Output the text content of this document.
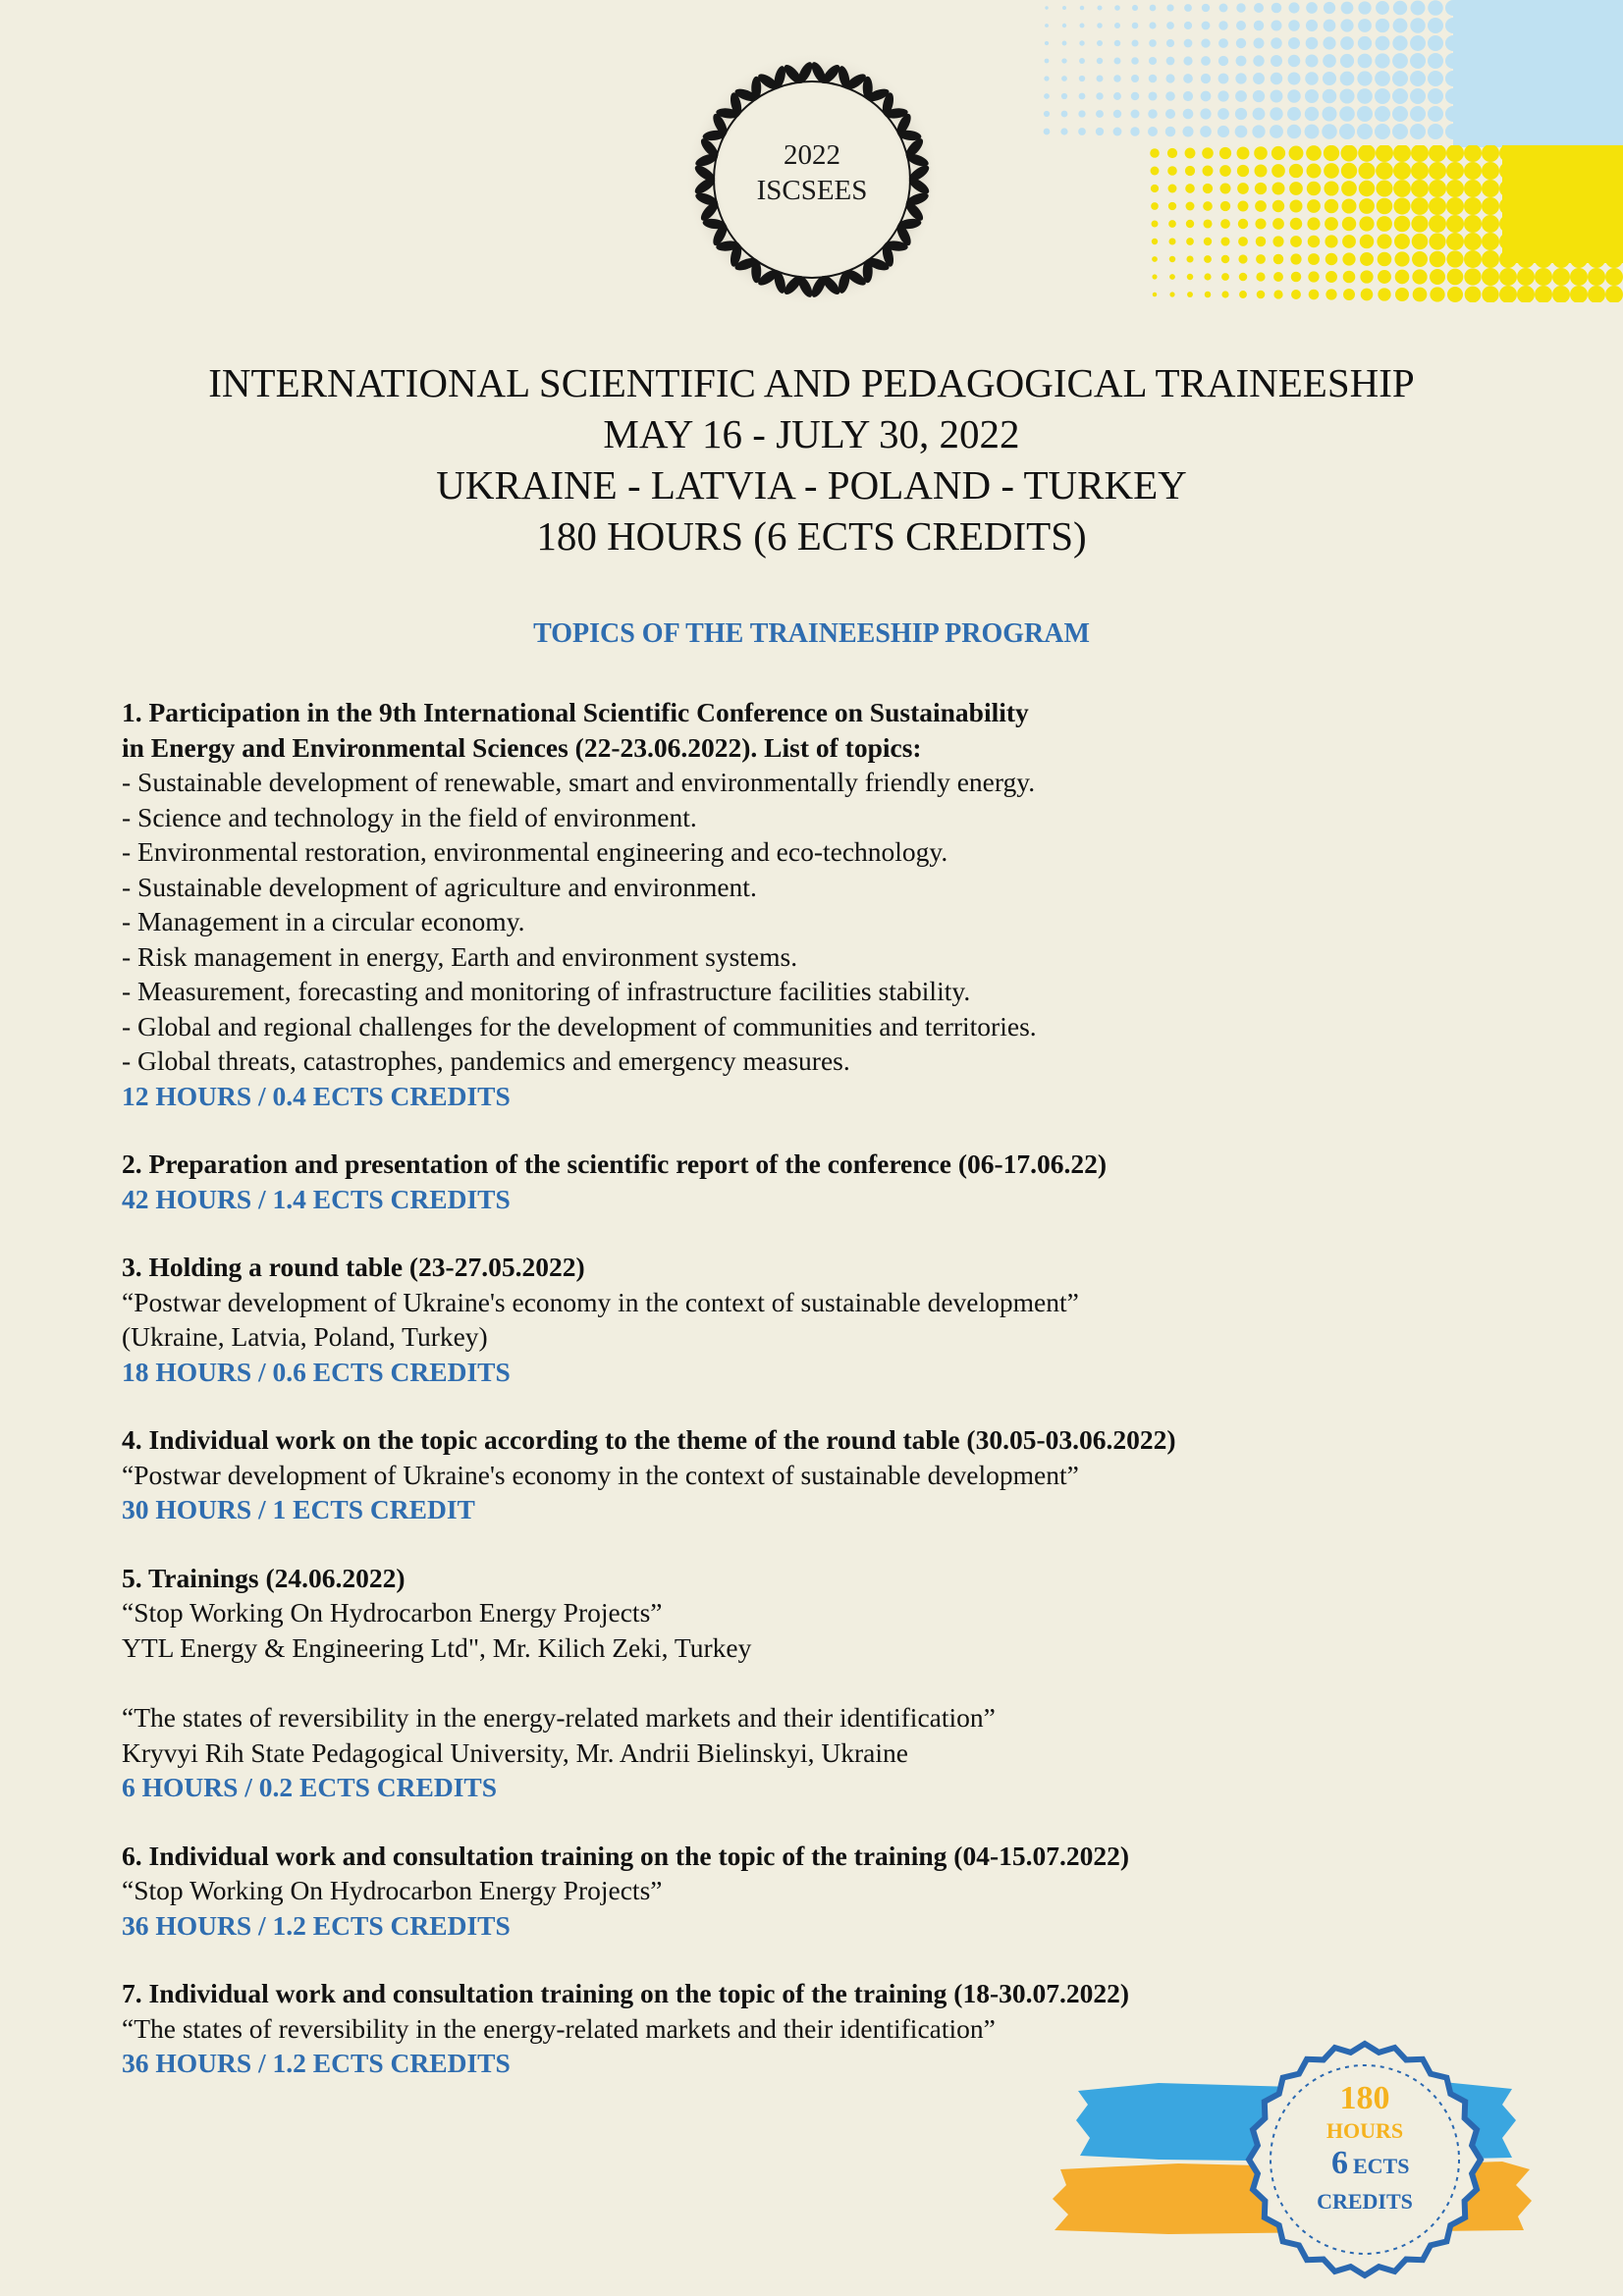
2022
ISCSEES
INTERNATIONAL SCIENTIFIC AND PEDAGOGICAL TRAINEESHIP
MAY 16 - JULY 30, 2022
UKRAINE - LATVIA - POLAND - TURKEY
180 HOURS (6 ECTS CREDITS)
TOPICS OF THE TRAINEESHIP PROGRAM
1. Participation in the 9th International Scientific Conference on Sustainability
in Energy and Environmental Sciences (22-23.06.2022). List of topics:
- Sustainable development of renewable, smart and environmentally friendly energy.
- Science and technology in the field of environment.
- Environmental restoration, environmental engineering and eco-technology.
- Sustainable development of agriculture and environment.
- Management in a circular economy.
- Risk management in energy, Earth and environment systems.
- Measurement, forecasting and monitoring of infrastructure facilities stability.
- Global and regional challenges for the development of communities and territories.
- Global threats, catastrophes, pandemics and emergency measures.
12 HOURS / 0.4 ECTS CREDITS
2. Preparation and presentation of the scientific report of the conference (06-17.06.22)
42 HOURS / 1.4 ECTS CREDITS
3. Holding a round table (23-27.05.2022)
“Postwar development of Ukraine's economy in the context of sustainable development”
(Ukraine, Latvia, Poland, Turkey)
18 HOURS / 0.6 ECTS CREDITS
4. Individual work on the topic according to the theme of the round table (30.05-03.06.2022)
“Postwar development of Ukraine's economy in the context of sustainable development”
30 HOURS / 1 ECTS CREDIT
5. Trainings (24.06.2022)
“Stop Working On Hydrocarbon Energy Projects”
YTL Energy & Engineering Ltd", Mr. Kilich Zeki, Turkey
“The states of reversibility in the energy-related markets and their identification”
Kryvyi Rih State Pedagogical University, Mr. Andrii Bielinskyi, Ukraine
6 HOURS / 0.2 ECTS CREDITS
6. Individual work and consultation training on the topic of the training (04-15.07.2022)
“Stop Working On Hydrocarbon Energy Projects”
36 HOURS / 1.2 ECTS CREDITS
7. Individual work and consultation training on the topic of the training (18-30.07.2022)
“The states of reversibility in the energy-related markets and their identification”
36 HOURS / 1.2 ECTS CREDITS
180
HOURS
6 ECTS
CREDITS
